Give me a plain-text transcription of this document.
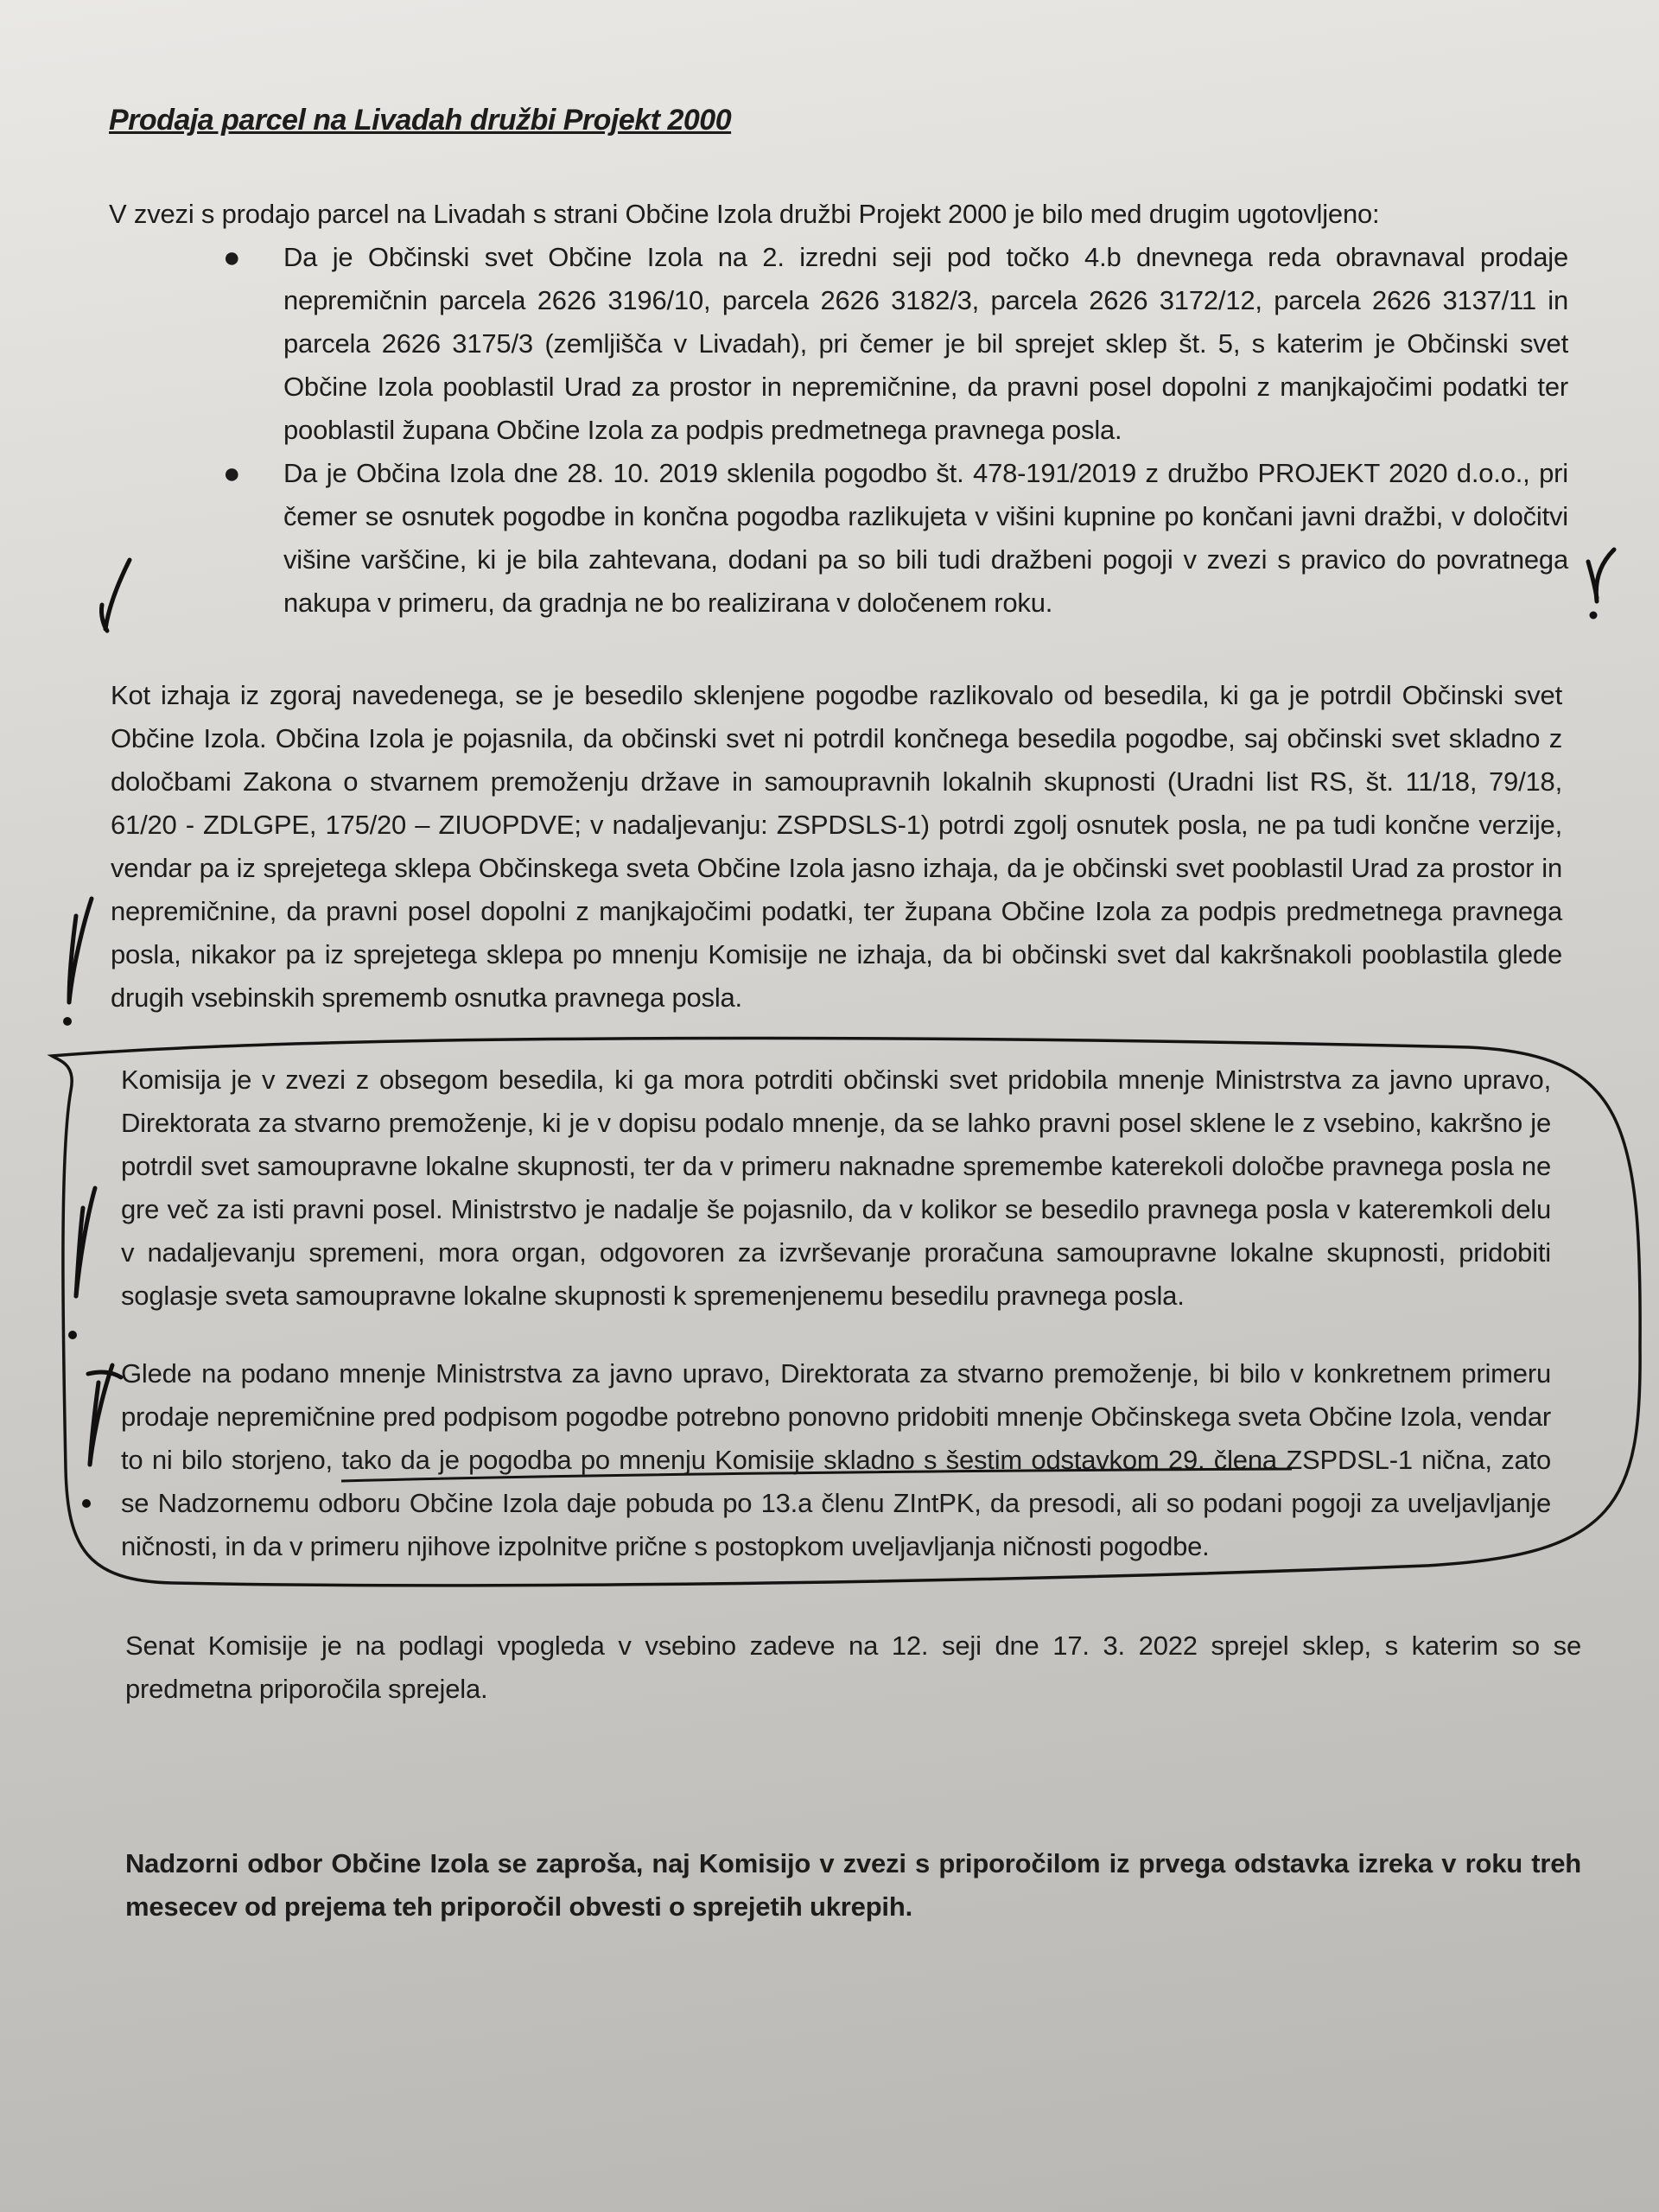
Prodaja parcel na Livadah družbi Projekt 2000

V zvezi s prodajo parcel na Livadah s strani Občine Izola družbi Projekt 2000 je bilo med drugim ugotovljeno:

● Da je Občinski svet Občine Izola na 2. izredni seji pod točko 4.b dnevnega reda obravnaval prodaje nepremičnin parcela 2626 3196/10, parcela 2626 3182/3, parcela 2626 3172/12, parcela 2626 3137/11 in parcela 2626 3175/3 (zemljišča v Livadah), pri čemer je bil sprejet sklep št. 5, s katerim je Občinski svet Občine Izola pooblastil Urad za prostor in nepremičnine, da pravni posel dopolni z manjkajočimi podatki ter pooblastil župana Občine Izola za podpis predmetnega pravnega posla.
● Da je Občina Izola dne 28. 10. 2019 sklenila pogodbo št. 478-191/2019 z družbo PROJEKT 2020 d.o.o., pri čemer se osnutek pogodbe in končna pogodba razlikujeta v višini kupnine po končani javni dražbi, v določitvi višine varščine, ki je bila zahtevana, dodani pa so bili tudi dražbeni pogoji v zvezi s pravico do povratnega nakupa v primeru, da gradnja ne bo realizirana v določenem roku.

Kot izhaja iz zgoraj navedenega, se je besedilo sklenjene pogodbe razlikovalo od besedila, ki ga je potrdil Občinski svet Občine Izola. Občina Izola je pojasnila, da občinski svet ni potrdil končnega besedila pogodbe, saj občinski svet skladno z določbami Zakona o stvarnem premoženju države in samoupravnih lokalnih skupnosti (Uradni list RS, št. 11/18, 79/18, 61/20 - ZDLGPE, 175/20 – ZIUOPDVE; v nadaljevanju: ZSPDSLS-1) potrdi zgolj osnutek posla, ne pa tudi končne verzije, vendar pa iz sprejetega sklepa Občinskega sveta Občine Izola jasno izhaja, da je občinski svet pooblastil Urad za prostor in nepremičnine, da pravni posel dopolni z manjkajočimi podatki, ter župana Občine Izola za podpis predmetnega pravnega posla, nikakor pa iz sprejetega sklepa po mnenju Komisije ne izhaja, da bi občinski svet dal kakršnakoli pooblastila glede drugih vsebinskih sprememb osnutka pravnega posla.

Komisija je v zvezi z obsegom besedila, ki ga mora potrditi občinski svet pridobila mnenje Ministrstva za javno upravo, Direktorata za stvarno premoženje, ki je v dopisu podalo mnenje, da se lahko pravni posel sklene le z vsebino, kakršno je potrdil svet samoupravne lokalne skupnosti, ter da v primeru naknadne spremembe katerekoli določbe pravnega posla ne gre več za isti pravni posel. Ministrstvo je nadalje še pojasnilo, da v kolikor se besedilo pravnega posla v kateremkoli delu v nadaljevanju spremeni, mora organ, odgovoren za izvrševanje proračuna samoupravne lokalne skupnosti, pridobiti soglasje sveta samoupravne lokalne skupnosti k spremenjenemu besedilu pravnega posla.

Glede na podano mnenje Ministrstva za javno upravo, Direktorata za stvarno premoženje, bi bilo v konkretnem primeru prodaje nepremičnine pred podpisom pogodbe potrebno ponovno pridobiti mnenje Občinskega sveta Občine Izola, vendar to ni bilo storjeno, tako da je pogodba po mnenju Komisije skladno s šestim odstavkom 29. člena ZSPDSL-1 nična, zato se Nadzornemu odboru Občine Izola daje pobuda po 13.a členu ZIntPK, da presodi, ali so podani pogoji za uveljavljanje ničnosti, in da v primeru njihove izpolnitve prične s postopkom uveljavljanja ničnosti pogodbe.

Senat Komisije je na podlagi vpogleda v vsebino zadeve na 12. seji dne 17. 3. 2022 sprejel sklep, s katerim so se predmetna priporočila sprejela.

Nadzorni odbor Občine Izola se zaproša, naj Komisijo v zvezi s priporočilom iz prvega odstavka izreka v roku treh mesecev od prejema teh priporočil obvesti o sprejetih ukrepih.
